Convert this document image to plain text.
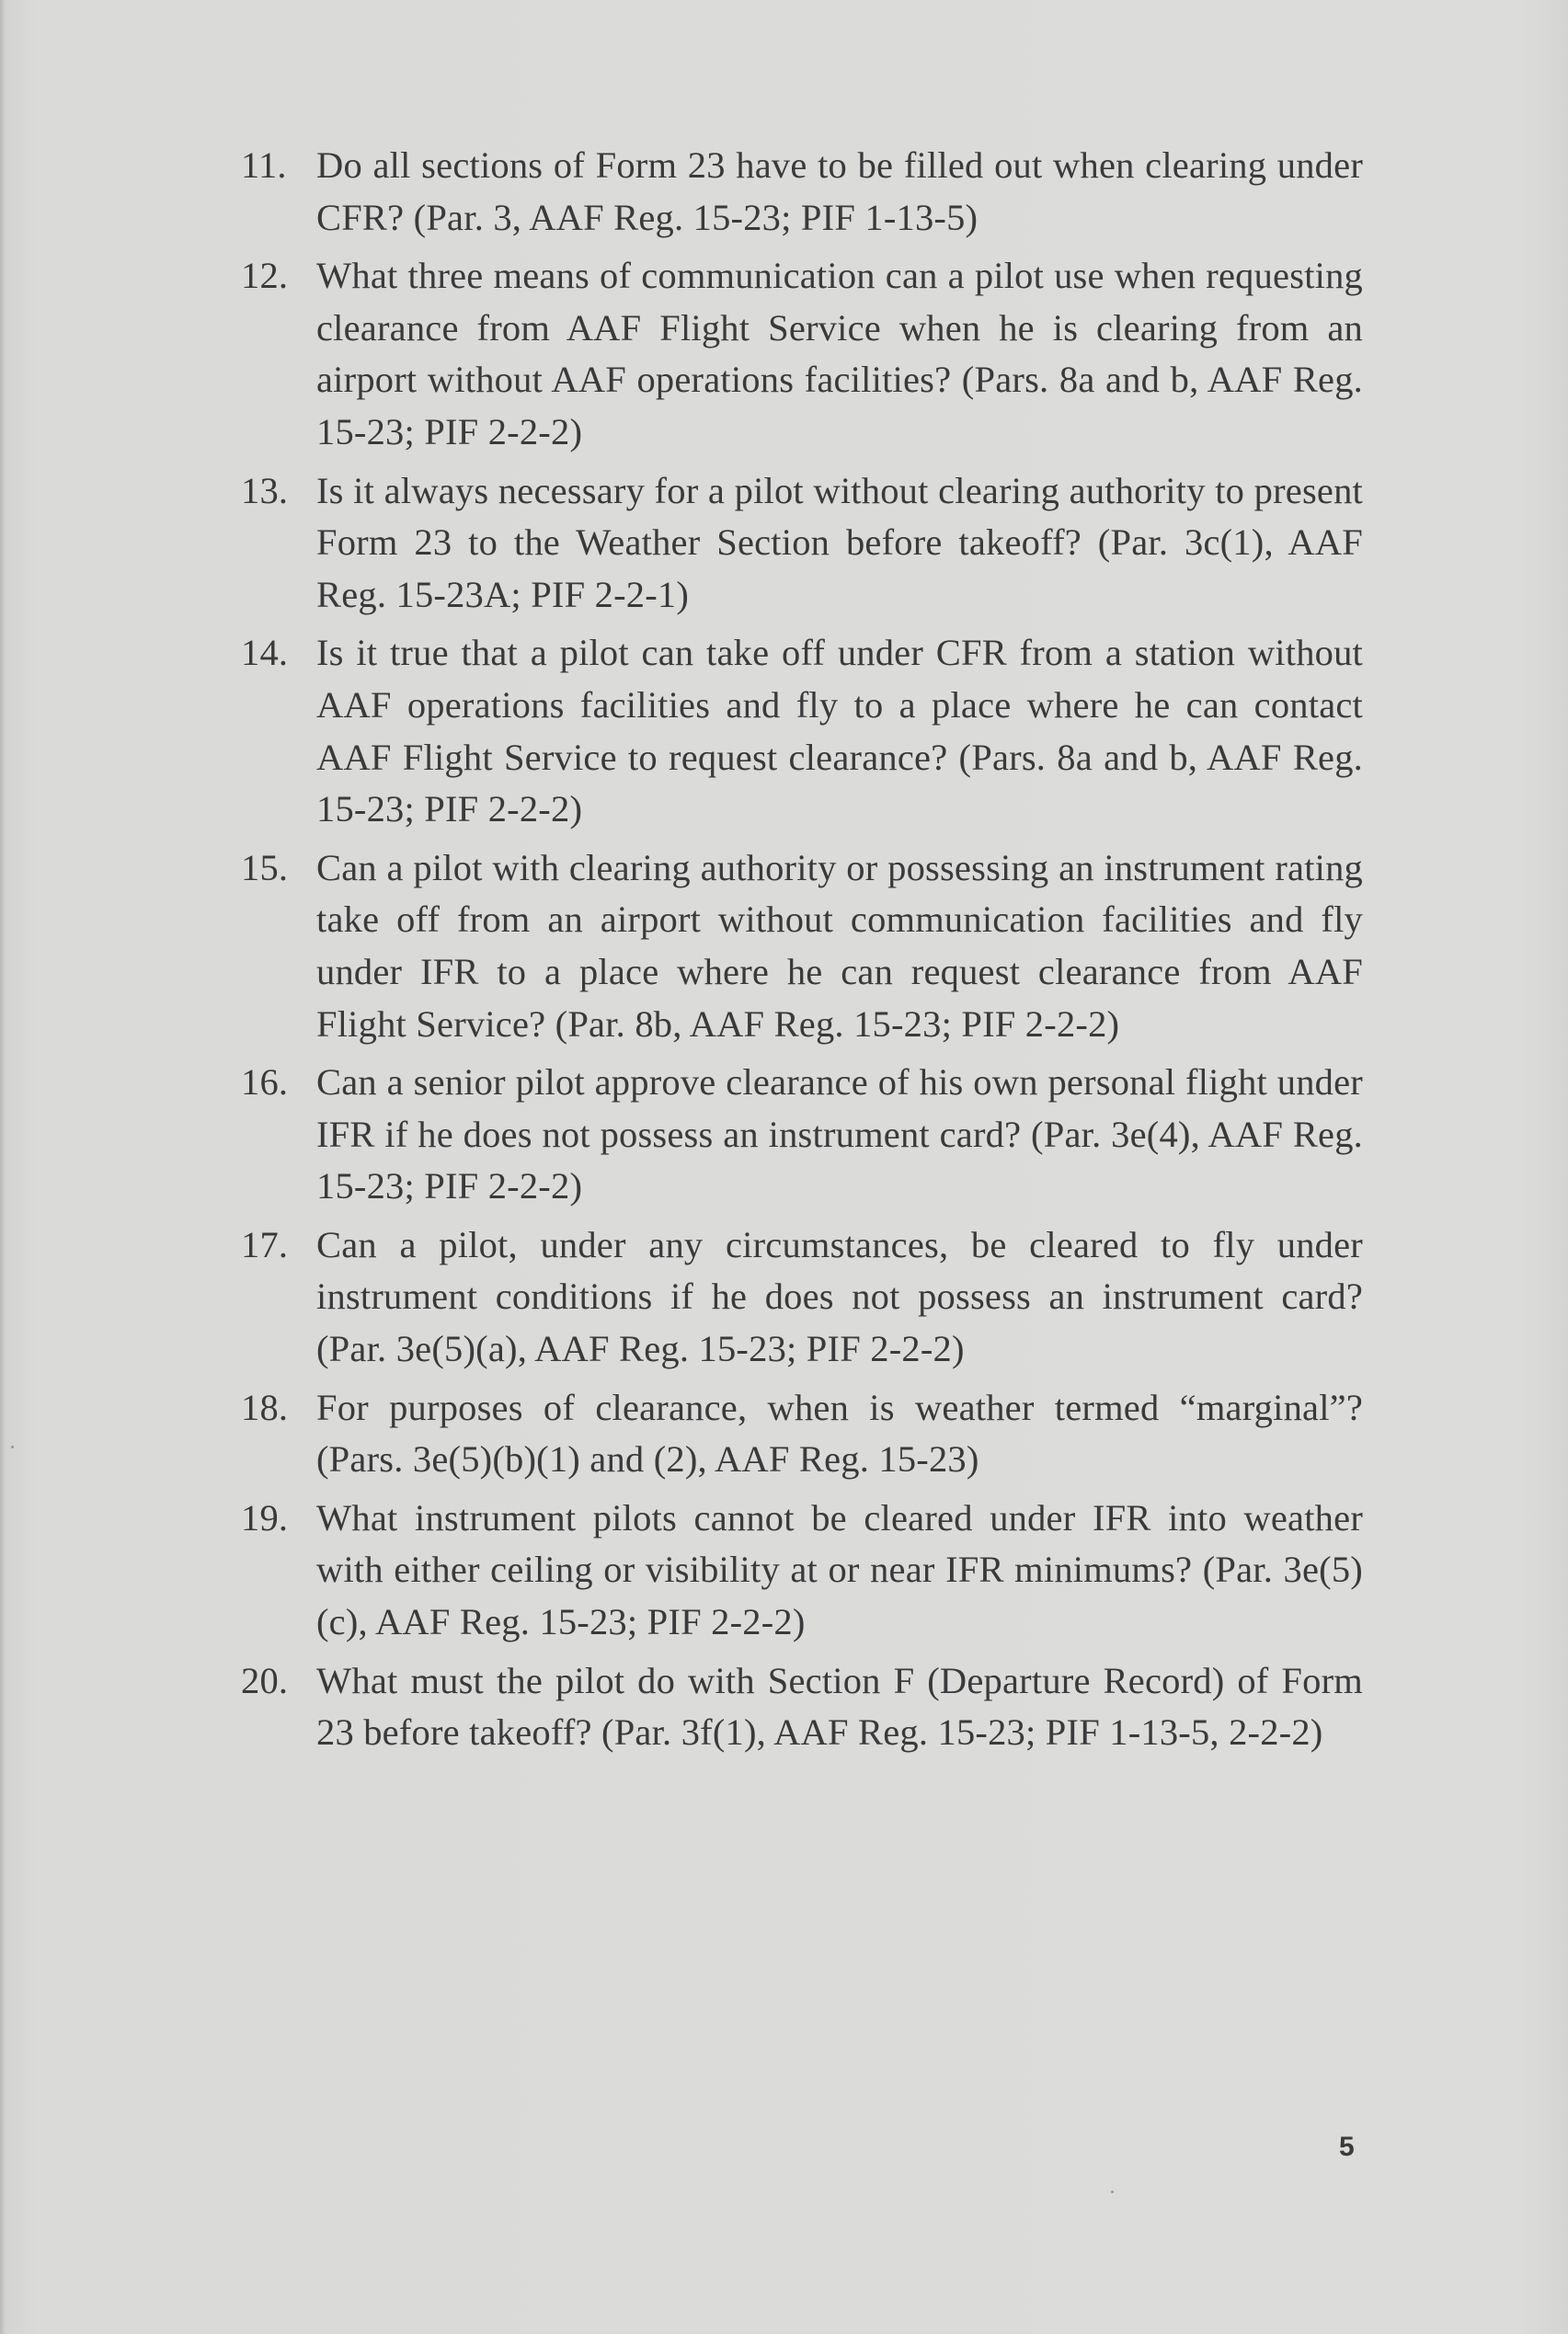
11. Do all sections of Form 23 have to be filled out when clearing under CFR? (Par. 3, AAF Reg. 15-23; PIF 1-13-5)
12. What three means of communication can a pilot use when requesting clearance from AAF Flight Service when he is clearing from an airport without AAF operations facilities? (Pars. 8a and b, AAF Reg. 15-23; PIF 2-2-2)
13. Is it always necessary for a pilot without clearing authority to present Form 23 to the Weather Section before takeoff? (Par. 3c(1), AAF Reg. 15-23A; PIF 2-2-1)
14. Is it true that a pilot can take off under CFR from a station without AAF operations facilities and fly to a place where he can contact AAF Flight Service to request clearance? (Pars. 8a and b, AAF Reg. 15-23; PIF 2-2-2)
15. Can a pilot with clearing authority or possessing an instrument rating take off from an airport without communication facilities and fly under IFR to a place where he can request clearance from AAF Flight Service? (Par. 8b, AAF Reg. 15-23; PIF 2-2-2)
16. Can a senior pilot approve clearance of his own personal flight under IFR if he does not possess an instrument card? (Par. 3e(4), AAF Reg. 15-23; PIF 2-2-2)
17. Can a pilot, under any circumstances, be cleared to fly under instrument conditions if he does not possess an instrument card? (Par. 3e(5)(a), AAF Reg. 15-23; PIF 2-2-2)
18. For purposes of clearance, when is weather termed “marginal”? (Pars. 3e(5)(b)(1) and (2), AAF Reg. 15-23)
19. What instrument pilots cannot be cleared under IFR into weather with either ceiling or visibility at or near IFR minimums? (Par. 3e(5)(c), AAF Reg. 15-23; PIF 2-2-2)
20. What must the pilot do with Section F (Departure Record) of Form 23 before takeoff? (Par. 3f(1), AAF Reg. 15-23; PIF 1-13-5, 2-2-2)
5
